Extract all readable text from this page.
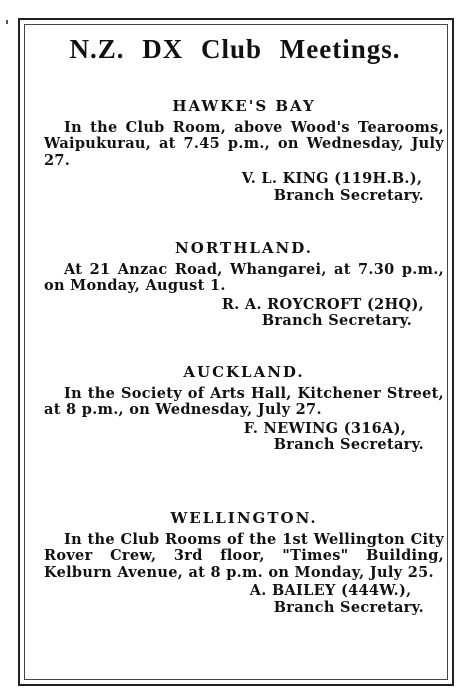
N.Z. DX Club Meetings.
HAWKE'S BAY
In the Club Room, above Wood's Tearooms, Waipukurau, at 7.45 p.m., on Wednesday, July 27.
V. L. KING (119H.B.),
Branch Secretary.
NORTHLAND.
At 21 Anzac Road, Whangarei, at 7.30 p.m., on Monday, August 1.
R. A. ROYCROFT (2HQ),
Branch Secretary.
AUCKLAND.
In the Society of Arts Hall, Kitchener Street, at 8 p.m., on Wednesday, July 27.
F. NEWING (316A),
Branch Secretary.
WELLINGTON.
In the Club Rooms of the 1st Wellington City Rover Crew, 3rd floor, "Times" Building, Kelburn Avenue, at 8 p.m. on Monday, July 25.
A. BAILEY (444W.),
Branch Secretary.
